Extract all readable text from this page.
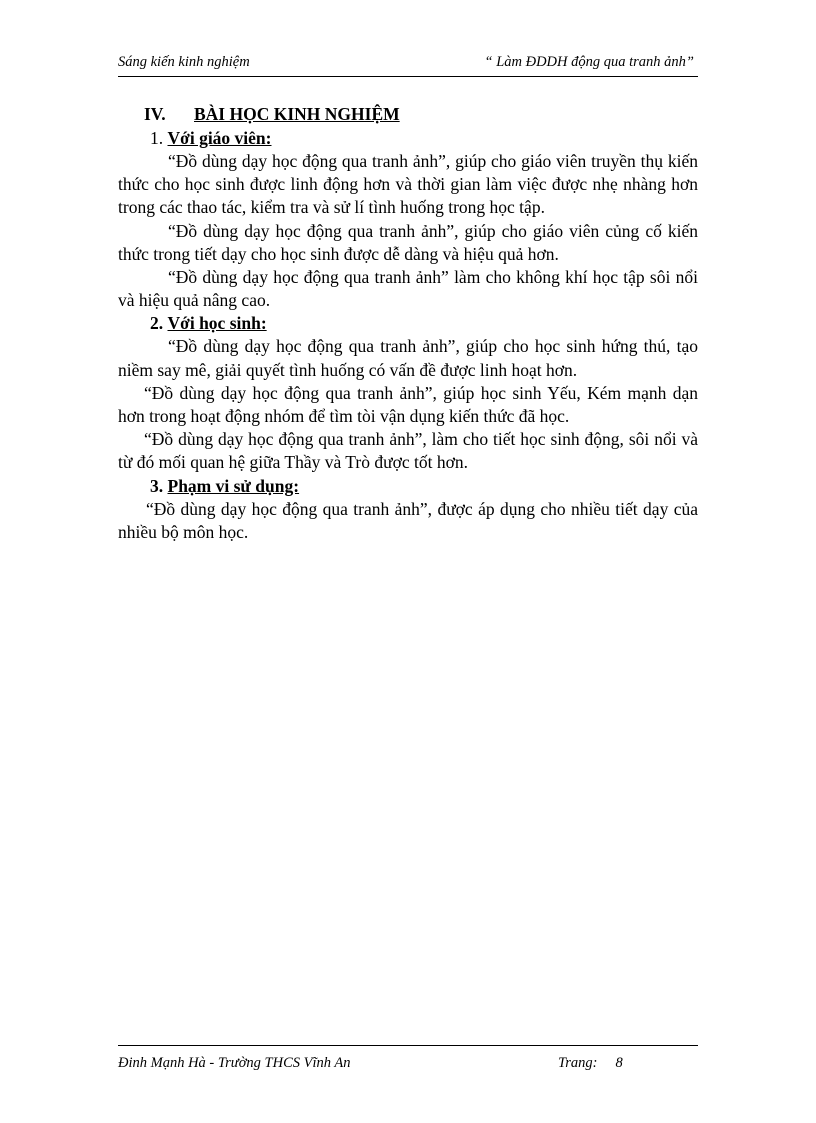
Sáng kiến kinh nghiệm	“ Làm ĐDDH động qua tranh ảnh”
IV. BÀI HỌC KINH NGHIỆM
1. Với giáo viên:

“Đồ dùng dạy học động qua tranh ảnh”, giúp cho giáo viên truyền thụ kiến thức cho học sinh được linh động hơn và thời gian làm việc được nhẹ nhàng hơn trong các thao tác, kiểm tra và sử lí tình huống trong học tập.

“Đồ dùng dạy học động qua tranh ảnh”, giúp cho giáo viên củng cố kiến thức trong tiết dạy cho học sinh được dễ dàng và hiệu quả hơn.

“Đồ dùng dạy học động qua tranh ảnh” làm cho không khí học tập sôi nổi và hiệu quả nâng cao.

2. Với học sinh:

“Đồ dùng dạy học động qua tranh ảnh”, giúp cho học sinh hứng thú, tạo niềm say mê, giải quyết tình huống có vấn đề được linh hoạt hơn.

“Đồ dùng dạy học động qua tranh ảnh”, giúp học sinh Yếu, Kém mạnh dạn hơn trong hoạt động nhóm để tìm tòi vận dụng kiến thức đã học.

“Đồ dùng dạy học động qua tranh ảnh”, làm cho tiết học sinh động, sôi nổi và từ đó mối quan hệ giữa Thầy và Trò được tốt hơn.

3. Phạm vi sử dụng:

“Đồ dùng dạy học động qua tranh ảnh”, được áp dụng cho nhiều tiết dạy của nhiều bộ môn học.

Đinh Mạnh Hà - Trường THCS Vĩnh An	Trang: 8
